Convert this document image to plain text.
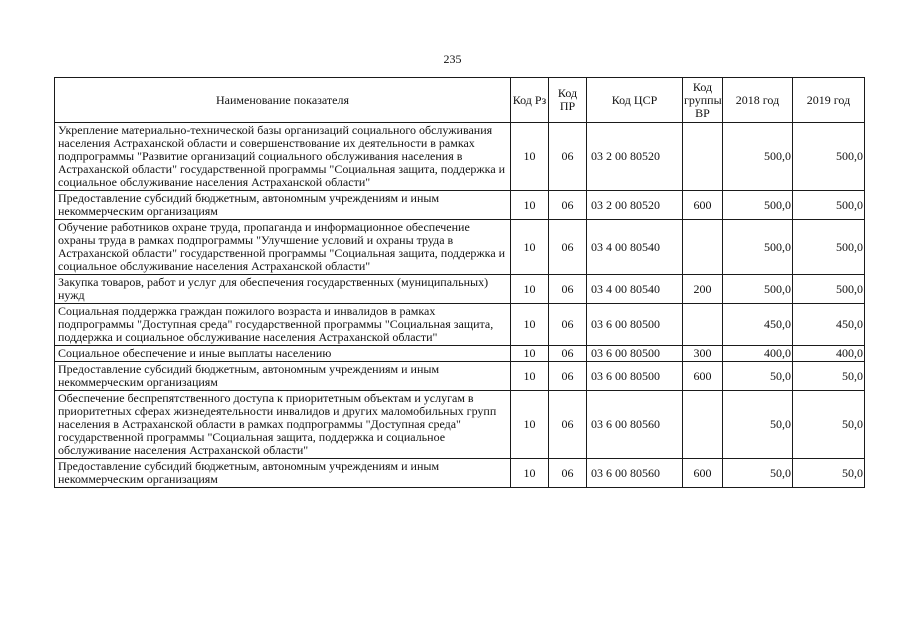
235
Наименование показателя	Код Рз	Код ПР	Код ЦСР	Код группы ВР	2018 год	2019 год
Укрепление материально-технической базы организаций социального обслуживания населения Астраханской области и совершенствование их деятельности в рамках подпрограммы "Развитие организаций социального обслуживания населения в Астраханской области" государственной программы "Социальная защита, поддержка и социальное обслуживание населения Астраханской области"	10	06	03 2 00 80520		500,0	500,0
Предоставление субсидий бюджетным, автономным учреждениям и иным некоммерческим организациям	10	06	03 2 00 80520	600	500,0	500,0
Обучение работников охране труда, пропаганда и информационное обеспечение охраны труда в рамках подпрограммы "Улучшение условий и охраны труда в Астраханской области" государственной программы "Социальная защита, поддержка и социальное обслуживание населения Астраханской области"	10	06	03 4 00 80540		500,0	500,0
Закупка товаров, работ и услуг для обеспечения государственных (муниципальных) нужд	10	06	03 4 00 80540	200	500,0	500,0
Социальная поддержка граждан пожилого возраста и инвалидов в рамках подпрограммы "Доступная среда" государственной программы "Социальная защита, поддержка и социальное обслуживание населения Астраханской области"	10	06	03 6 00 80500		450,0	450,0
Социальное обеспечение и иные выплаты населению	10	06	03 6 00 80500	300	400,0	400,0
Предоставление субсидий бюджетным, автономным учреждениям и иным некоммерческим организациям	10	06	03 6 00 80500	600	50,0	50,0
Обеспечение беспрепятственного доступа к приоритетным объектам и услугам в приоритетных сферах жизнедеятельности инвалидов и других маломобильных групп населения в Астраханской области в рамках подпрограммы "Доступная среда" государственной программы "Социальная защита, поддержка и социальное обслуживание населения Астраханской области"	10	06	03 6 00 80560		50,0	50,0
Предоставление субсидий бюджетным, автономным учреждениям и иным некоммерческим организациям	10	06	03 6 00 80560	600	50,0	50,0
